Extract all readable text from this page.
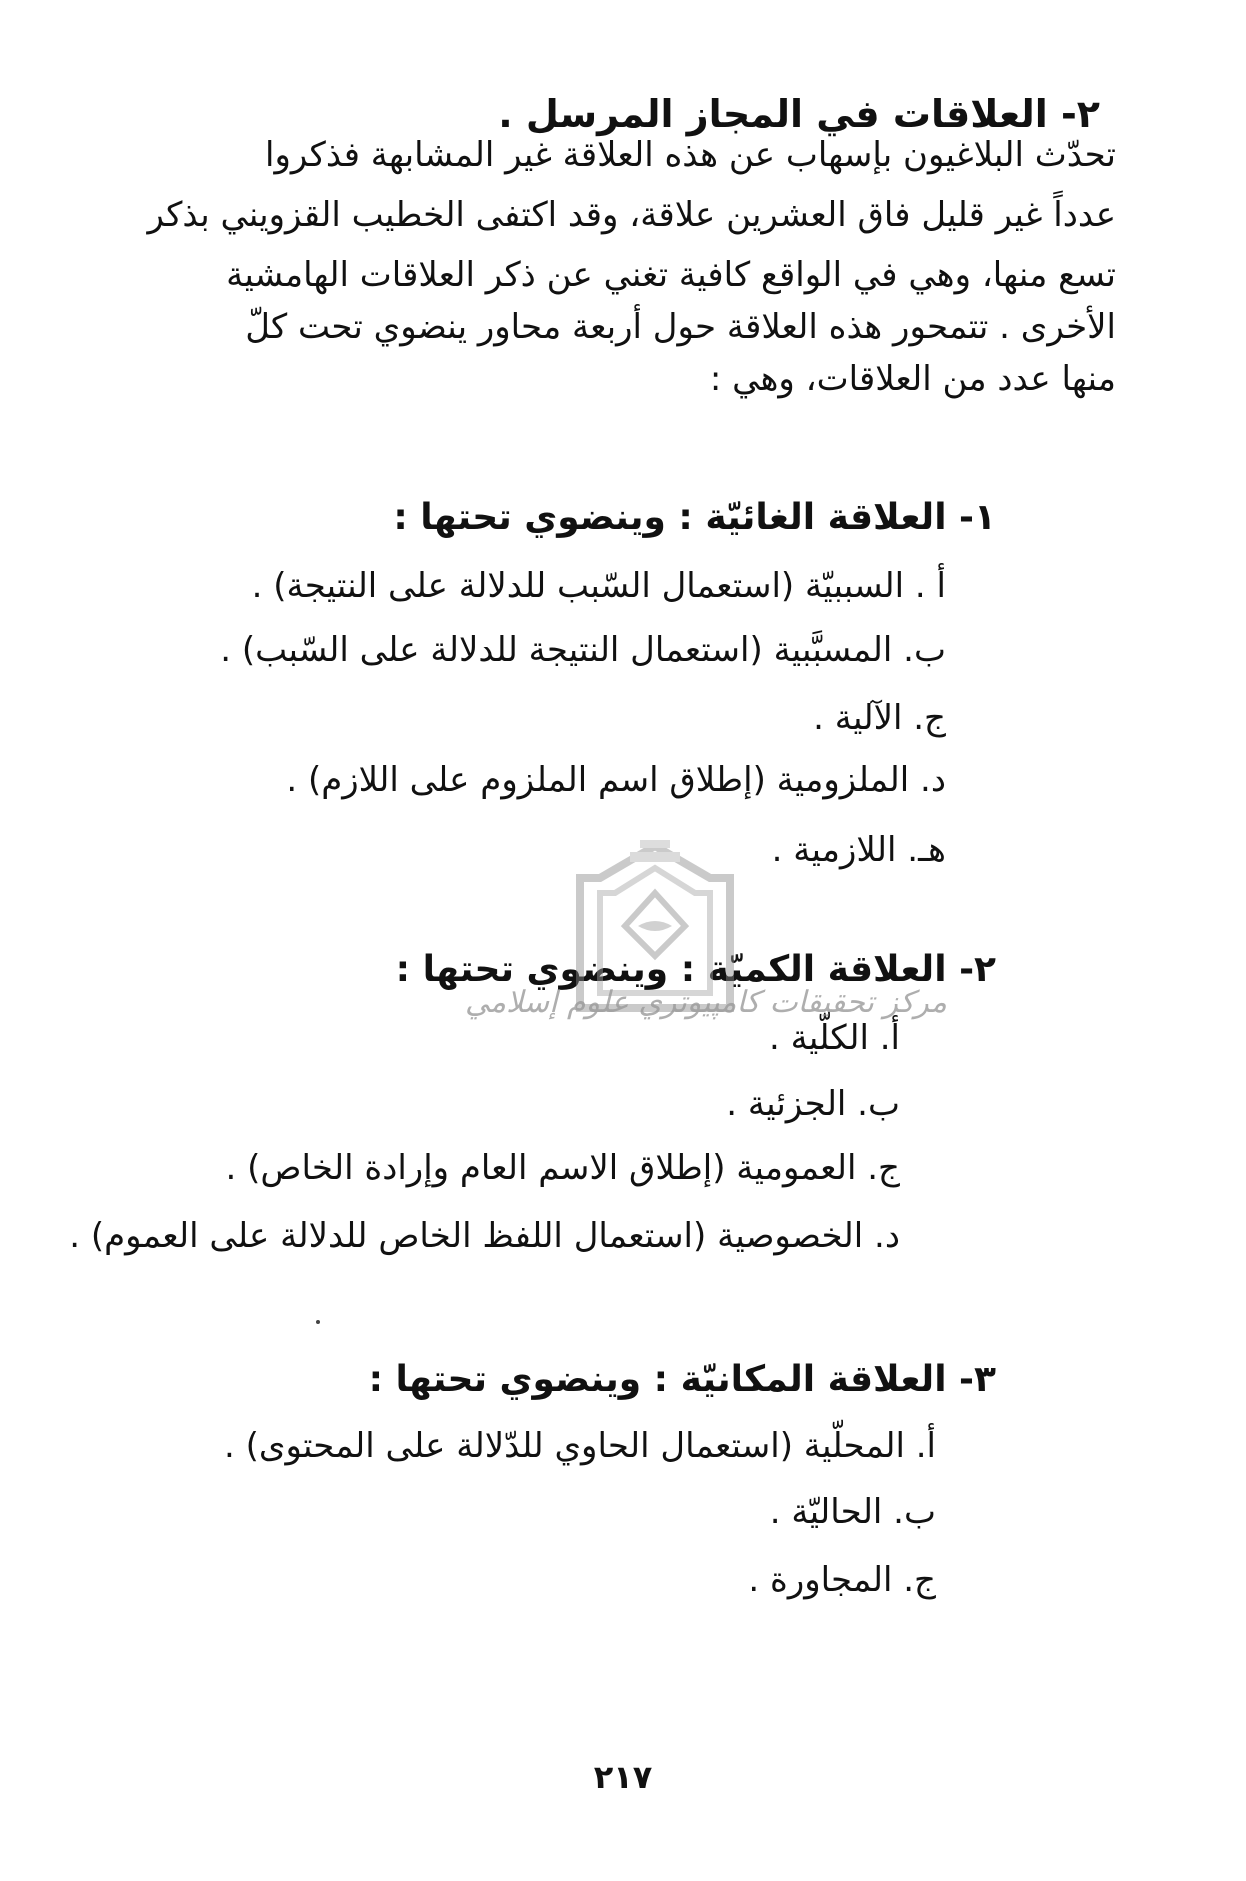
٢- العلاقات في المجاز المرسل .
تحدّث البلاغيون بإسهاب عن هذه العلاقة غير المشابهة فذكروا
عدداً غير قليل فاق العشرين علاقة، وقد اكتفى الخطيب القزويني بذكر
تسع منها، وهي في الواقع كافية تغني عن ذكر العلاقات الهامشية
الأخرى . تتمحور هذه العلاقة حول أربعة محاور ينضوي تحت كلّ
منها عدد من العلاقات، وهي :
١- العلاقة الغائيّة : وينضوي تحتها :
أ . السببيّة (استعمال السّبب للدلالة على النتيجة) .
ب. المسبَّبية (استعمال النتيجة للدلالة على السّبب) .
ج. الآلية .
د. الملزومية (إطلاق اسم الملزوم على اللازم) .
هـ. اللازمية .
٢- العلاقة الكميّة : وينضوي تحتها :
أ. الكلّية .
ب. الجزئية .
ج. العمومية (إطلاق الاسم العام وإرادة الخاص) .
د. الخصوصية (استعمال اللفظ الخاص للدلالة على العموم) .
٣- العلاقة المكانيّة : وينضوي تحتها :
أ. المحلّية (استعمال الحاوي للدّلالة على المحتوى) .
ب. الحاليّة .
ج. المجاورة .
٢١٧
مركز تحقيقات كامپيوتري علوم إسلامي
